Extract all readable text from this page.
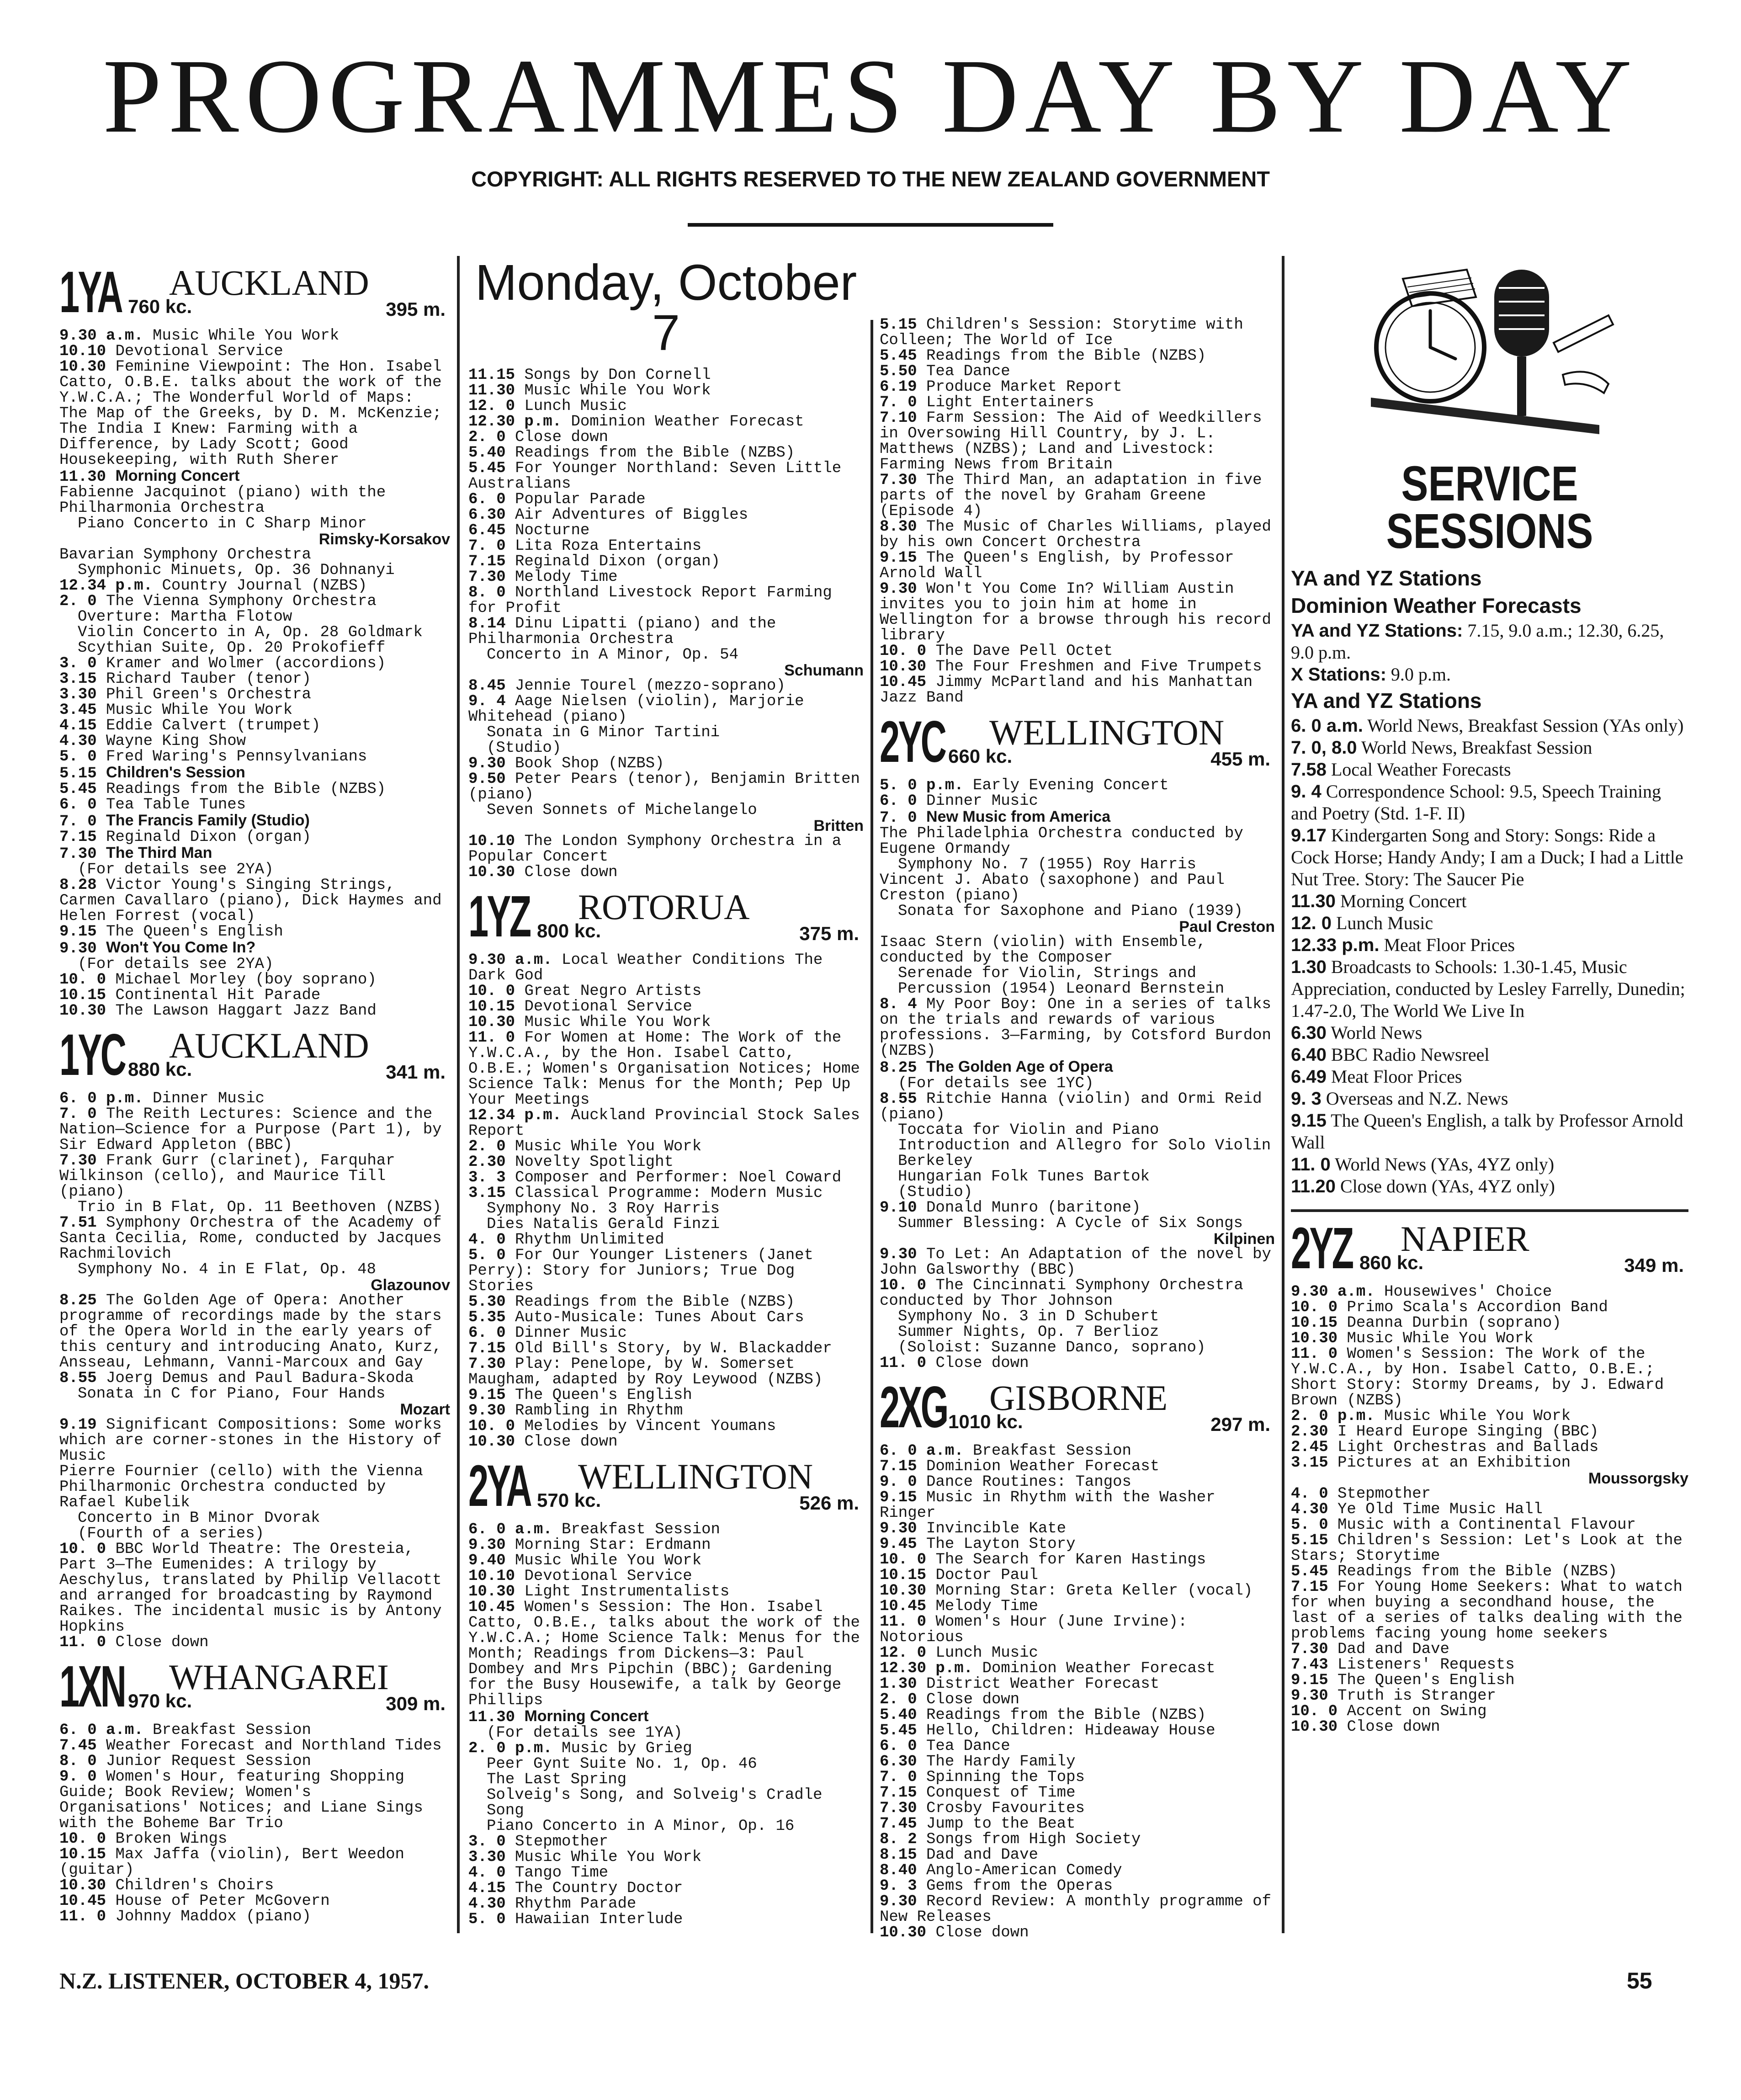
PROGRAMMES DAY BY DAY
COPYRIGHT: ALL RIGHTS RESERVED TO THE NEW ZEALAND GOVERNMENT
1YA AUCKLAND
760 kc.	395 m.

9.30 a.m. Music While You Work

10.10 Devotional Service

10.30 Feminine Viewpoint: The Hon. Isabel Catto, O.B.E. talks about the work of the Y.W.C.A.; The Wonderful World of Maps: The Map of the Greeks, by D. M. McKenzie; The India I Knew: Farming with a Difference, by Lady Scott; Good Housekeeping, with Ruth Sherer

11.30 Morning Concert

Fabienne Jacquinot (piano) with the Philharmonia Orchestra

Piano Concerto in C Sharp Minor

Rimsky-Korsakov

Bavarian Symphony Orchestra

Symphonic Minuets, Op. 36 Dohnanyi

12.34 p.m. Country Journal (NZBS)

2. 0 The Vienna Symphony Orchestra

Overture: Martha Flotow

Violin Concerto in A, Op. 28 Goldmark

Scythian Suite, Op. 20 Prokofieff

3. 0 Kramer and Wolmer (accordions)

3.15 Richard Tauber (tenor)

3.30 Phil Green's Orchestra

3.45 Music While You Work

4.15 Eddie Calvert (trumpet)

4.30 Wayne King Show

5. 0 Fred Waring's Pennsylvanians

5.15 Children's Session

5.45 Readings from the Bible (NZBS)

6. 0 Tea Table Tunes

7. 0 The Francis Family (Studio)

7.15 Reginald Dixon (organ)

7.30 The Third Man

(For details see 2YA)

8.28 Victor Young's Singing Strings, Carmen Cavallaro (piano), Dick Haymes and Helen Forrest (vocal)

9.15 The Queen's English

9.30 Won't You Come In?

(For details see 2YA)

10. 0 Michael Morley (boy soprano)

10.15 Continental Hit Parade

10.30 The Lawson Haggart Jazz Band

1YC AUCKLAND
880 kc.	341 m.

6. 0 p.m. Dinner Music

7. 0 The Reith Lectures: Science and the Nation—Science for a Purpose (Part 1), by Sir Edward Appleton (BBC)

7.30 Frank Gurr (clarinet), Farquhar Wilkinson (cello), and Maurice Till (piano)

Trio in B Flat, Op. 11 Beethoven (NZBS)

7.51 Symphony Orchestra of the Academy of Santa Cecilia, Rome, conducted by Jacques Rachmilovich

Symphony No. 4 in E Flat, Op. 48

Glazounov

8.25 The Golden Age of Opera: Another programme of recordings made by the stars of the Opera World in the early years of this century and introducing Anato, Kurz, Ansseau, Lehmann, Vanni-Marcoux and Gay

8.55 Joerg Demus and Paul Badura-Skoda

Sonata in C for Piano, Four Hands

Mozart

9.19 Significant Compositions: Some works which are corner-stones in the History of Music

Pierre Fournier (cello) with the Vienna Philharmonic Orchestra conducted by Rafael Kubelik

Concerto in B Minor Dvorak

(Fourth of a series)

10. 0 BBC World Theatre: The Oresteia, Part 3—The Eumenides: A trilogy by Aeschylus, translated by Philip Vellacott and arranged for broadcasting by Raymond Raikes. The incidental music is by Antony Hopkins

11. 0 Close down

1XN WHANGAREI
970 kc.	309 m.

6. 0 a.m. Breakfast Session

7.45 Weather Forecast and Northland Tides

8. 0 Junior Request Session

9. 0 Women's Hour, featuring Shopping Guide; Book Review; Women's Organisations' Notices; and Liane Sings with the Boheme Bar Trio

10. 0 Broken Wings

10.15 Max Jaffa (violin), Bert Weedon (guitar)

10.30 Children's Choirs

10.45 House of Peter McGovern

11. 0 Johnny Maddox (piano)

Monday, October 7

11.15 Songs by Don Cornell

11.30 Music While You Work

12. 0 Lunch Music

12.30 p.m. Dominion Weather Forecast

2. 0 Close down

5.40 Readings from the Bible (NZBS)

5.45 For Younger Northland: Seven Little Australians

6. 0 Popular Parade

6.30 Air Adventures of Biggles

6.45 Nocturne

7. 0 Lita Roza Entertains

7.15 Reginald Dixon (organ)

7.30 Melody Time

8. 0 Northland Livestock Report Farming for Profit

8.14 Dinu Lipatti (piano) and the Philharmonia Orchestra

Concerto in A Minor, Op. 54

Schumann

8.45 Jennie Tourel (mezzo-soprano)

9. 4 Aage Nielsen (violin), Marjorie Whitehead (piano)

Sonata in G Minor Tartini

(Studio)

9.30 Book Shop (NZBS)

9.50 Peter Pears (tenor), Benjamin Britten (piano)

Seven Sonnets of Michelangelo

Britten

10.10 The London Symphony Orchestra in a Popular Concert

10.30 Close down

1YZ ROTORUA
800 kc.	375 m.

9.30 a.m. Local Weather Conditions The Dark God

10. 0 Great Negro Artists

10.15 Devotional Service

10.30 Music While You Work

11. 0 For Women at Home: The Work of the Y.W.C.A., by the Hon. Isabel Catto, O.B.E.; Women's Organisation Notices; Home Science Talk: Menus for the Month; Pep Up Your Meetings

12.34 p.m. Auckland Provincial Stock Sales Report

2. 0 Music While You Work

2.30 Novelty Spotlight

3. 3 Composer and Performer: Noel Coward

3.15 Classical Programme: Modern Music

Symphony No. 3 Roy Harris

Dies Natalis Gerald Finzi

4. 0 Rhythm Unlimited

5. 0 For Our Younger Listeners (Janet Perry): Story for Juniors; True Dog Stories

5.30 Readings from the Bible (NZBS)

5.35 Auto-Musicale: Tunes About Cars

6. 0 Dinner Music

7.15 Old Bill's Story, by W. Blackadder

7.30 Play: Penelope, by W. Somerset Maugham, adapted by Roy Leywood (NZBS)

9.15 The Queen's English

9.30 Rambling in Rhythm

10. 0 Melodies by Vincent Youmans

10.30 Close down

2YA WELLINGTON
570 kc.	526 m.

6. 0 a.m. Breakfast Session

9.30 Morning Star: Erdmann

9.40 Music While You Work

10.10 Devotional Service

10.30 Light Instrumentalists

10.45 Women's Session: The Hon. Isabel Catto, O.B.E., talks about the work of the Y.W.C.A.; Home Science Talk: Menus for the Month; Readings from Dickens—3: Paul Dombey and Mrs Pipchin (BBC); Gardening for the Busy Housewife, a talk by George Phillips

11.30 Morning Concert

(For details see 1YA)

2. 0 p.m. Music by Grieg

Peer Gynt Suite No. 1, Op. 46

The Last Spring

Solveig's Song, and Solveig's Cradle Song

Piano Concerto in A Minor, Op. 16

3. 0 Stepmother

3.30 Music While You Work

4. 0 Tango Time

4.15 The Country Doctor

4.30 Rhythm Parade

5. 0 Hawaiian Interlude

5.15 Children's Session: Storytime with Colleen; The World of Ice

5.45 Readings from the Bible (NZBS)

5.50 Tea Dance

6.19 Produce Market Report

7. 0 Light Entertainers

7.10 Farm Session: The Aid of Weedkillers in Oversowing Hill Country, by J. L. Matthews (NZBS); Land and Livestock: Farming News from Britain

7.30 The Third Man, an adaptation in five parts of the novel by Graham Greene (Episode 4)

8.30 The Music of Charles Williams, played by his own Concert Orchestra

9.15 The Queen's English, by Professor Arnold Wall

9.30 Won't You Come In? William Austin invites you to join him at home in Wellington for a browse through his record library

10. 0 The Dave Pell Octet

10.30 The Four Freshmen and Five Trumpets

10.45 Jimmy McPartland and his Manhattan Jazz Band

2YC WELLINGTON
660 kc.	455 m.

5. 0 p.m. Early Evening Concert

6. 0 Dinner Music

7. 0 New Music from America

The Philadelphia Orchestra conducted by Eugene Ormandy

Symphony No. 7 (1955) Roy Harris

Vincent J. Abato (saxophone) and Paul Creston (piano)

Sonata for Saxophone and Piano (1939)

Paul Creston

Isaac Stern (violin) with Ensemble, conducted by the Composer

Serenade for Violin, Strings and Percussion (1954) Leonard Bernstein

8. 4 My Poor Boy: One in a series of talks on the trials and rewards of various professions. 3—Farming, by Cotsford Burdon (NZBS)

8.25 The Golden Age of Opera

(For details see 1YC)

8.55 Ritchie Hanna (violin) and Ormi Reid (piano)

Toccata for Violin and Piano

Introduction and Allegro for Solo Violin Berkeley

Hungarian Folk Tunes Bartok

(Studio)

9.10 Donald Munro (baritone)

Summer Blessing: A Cycle of Six Songs

Kilpinen

9.30 To Let: An Adaptation of the novel by John Galsworthy (BBC)

10. 0 The Cincinnati Symphony Orchestra conducted by Thor Johnson

Symphony No. 3 in D Schubert

Summer Nights, Op. 7 Berlioz

(Soloist: Suzanne Danco, soprano)

11. 0 Close down

2XG GISBORNE
1010 kc.	297 m.

6. 0 a.m. Breakfast Session

7.15 Dominion Weather Forecast

9. 0 Dance Routines: Tangos

9.15 Music in Rhythm with the Washer Ringer

9.30 Invincible Kate

9.45 The Layton Story

10. 0 The Search for Karen Hastings

10.15 Doctor Paul

10.30 Morning Star: Greta Keller (vocal)

10.45 Melody Time

11. 0 Women's Hour (June Irvine): Notorious

12. 0 Lunch Music

12.30 p.m. Dominion Weather Forecast

1.30 District Weather Forecast

2. 0 Close down

5.40 Readings from the Bible (NZBS)

5.45 Hello, Children: Hideaway House

6. 0 Tea Dance

6.30 The Hardy Family

7. 0 Spinning the Tops

7.15 Conquest of Time

7.30 Crosby Favourites

7.45 Jump to the Beat

8. 2 Songs from High Society

8.15 Dad and Dave

8.40 Anglo-American Comedy

9. 3 Gems from the Operas

9.30 Record Review: A monthly programme of New Releases

10.30 Close down

SERVICE
SESSIONS
YA and YZ Stations
Dominion Weather Forecasts

YA and YZ Stations: 7.15, 9.0 a.m.; 12.30, 6.25, 9.0 p.m.

X Stations: 9.0 p.m.

YA and YZ Stations

6. 0 a.m. World News, Breakfast Session (YAs only)

7. 0, 8.0 World News, Breakfast Session

7.58 Local Weather Forecasts

9. 4 Correspondence School: 9.5, Speech Training and Poetry (Std. 1-F. II)

9.17 Kindergarten Song and Story: Songs: Ride a Cock Horse; Handy Andy; I am a Duck; I had a Little Nut Tree. Story: The Saucer Pie

11.30 Morning Concert

12. 0 Lunch Music

12.33 p.m. Meat Floor Prices

1.30 Broadcasts to Schools: 1.30-1.45, Music Appreciation, conducted by Lesley Farrelly, Dunedin; 1.47-2.0, The World We Live In

6.30 World News

6.40 BBC Radio Newsreel

6.49 Meat Floor Prices

9. 3 Overseas and N.Z. News

9.15 The Queen's English, a talk by Professor Arnold Wall

11. 0 World News (YAs, 4YZ only)

11.20 Close down (YAs, 4YZ only)

2YZ NAPIER
860 kc.	349 m.

9.30 a.m. Housewives' Choice

10. 0 Primo Scala's Accordion Band

10.15 Deanna Durbin (soprano)

10.30 Music While You Work

11. 0 Women's Session: The Work of the Y.W.C.A., by Hon. Isabel Catto, O.B.E.; Short Story: Stormy Dreams, by J. Edward Brown (NZBS)

2. 0 p.m. Music While You Work

2.30 I Heard Europe Singing (BBC)

2.45 Light Orchestras and Ballads

3.15 Pictures at an Exhibition

Moussorgsky

4. 0 Stepmother

4.30 Ye Old Time Music Hall

5. 0 Music with a Continental Flavour

5.15 Children's Session: Let's Look at the Stars; Storytime

5.45 Readings from the Bible (NZBS)

7.15 For Young Home Seekers: What to watch for when buying a secondhand house, the last of a series of talks dealing with the problems facing young home seekers

7.30 Dad and Dave

7.43 Listeners' Requests

9.15 The Queen's English

9.30 Truth is Stranger

10. 0 Accent on Swing

10.30 Close down

N.Z. LISTENER, OCTOBER 4, 1957.	55
